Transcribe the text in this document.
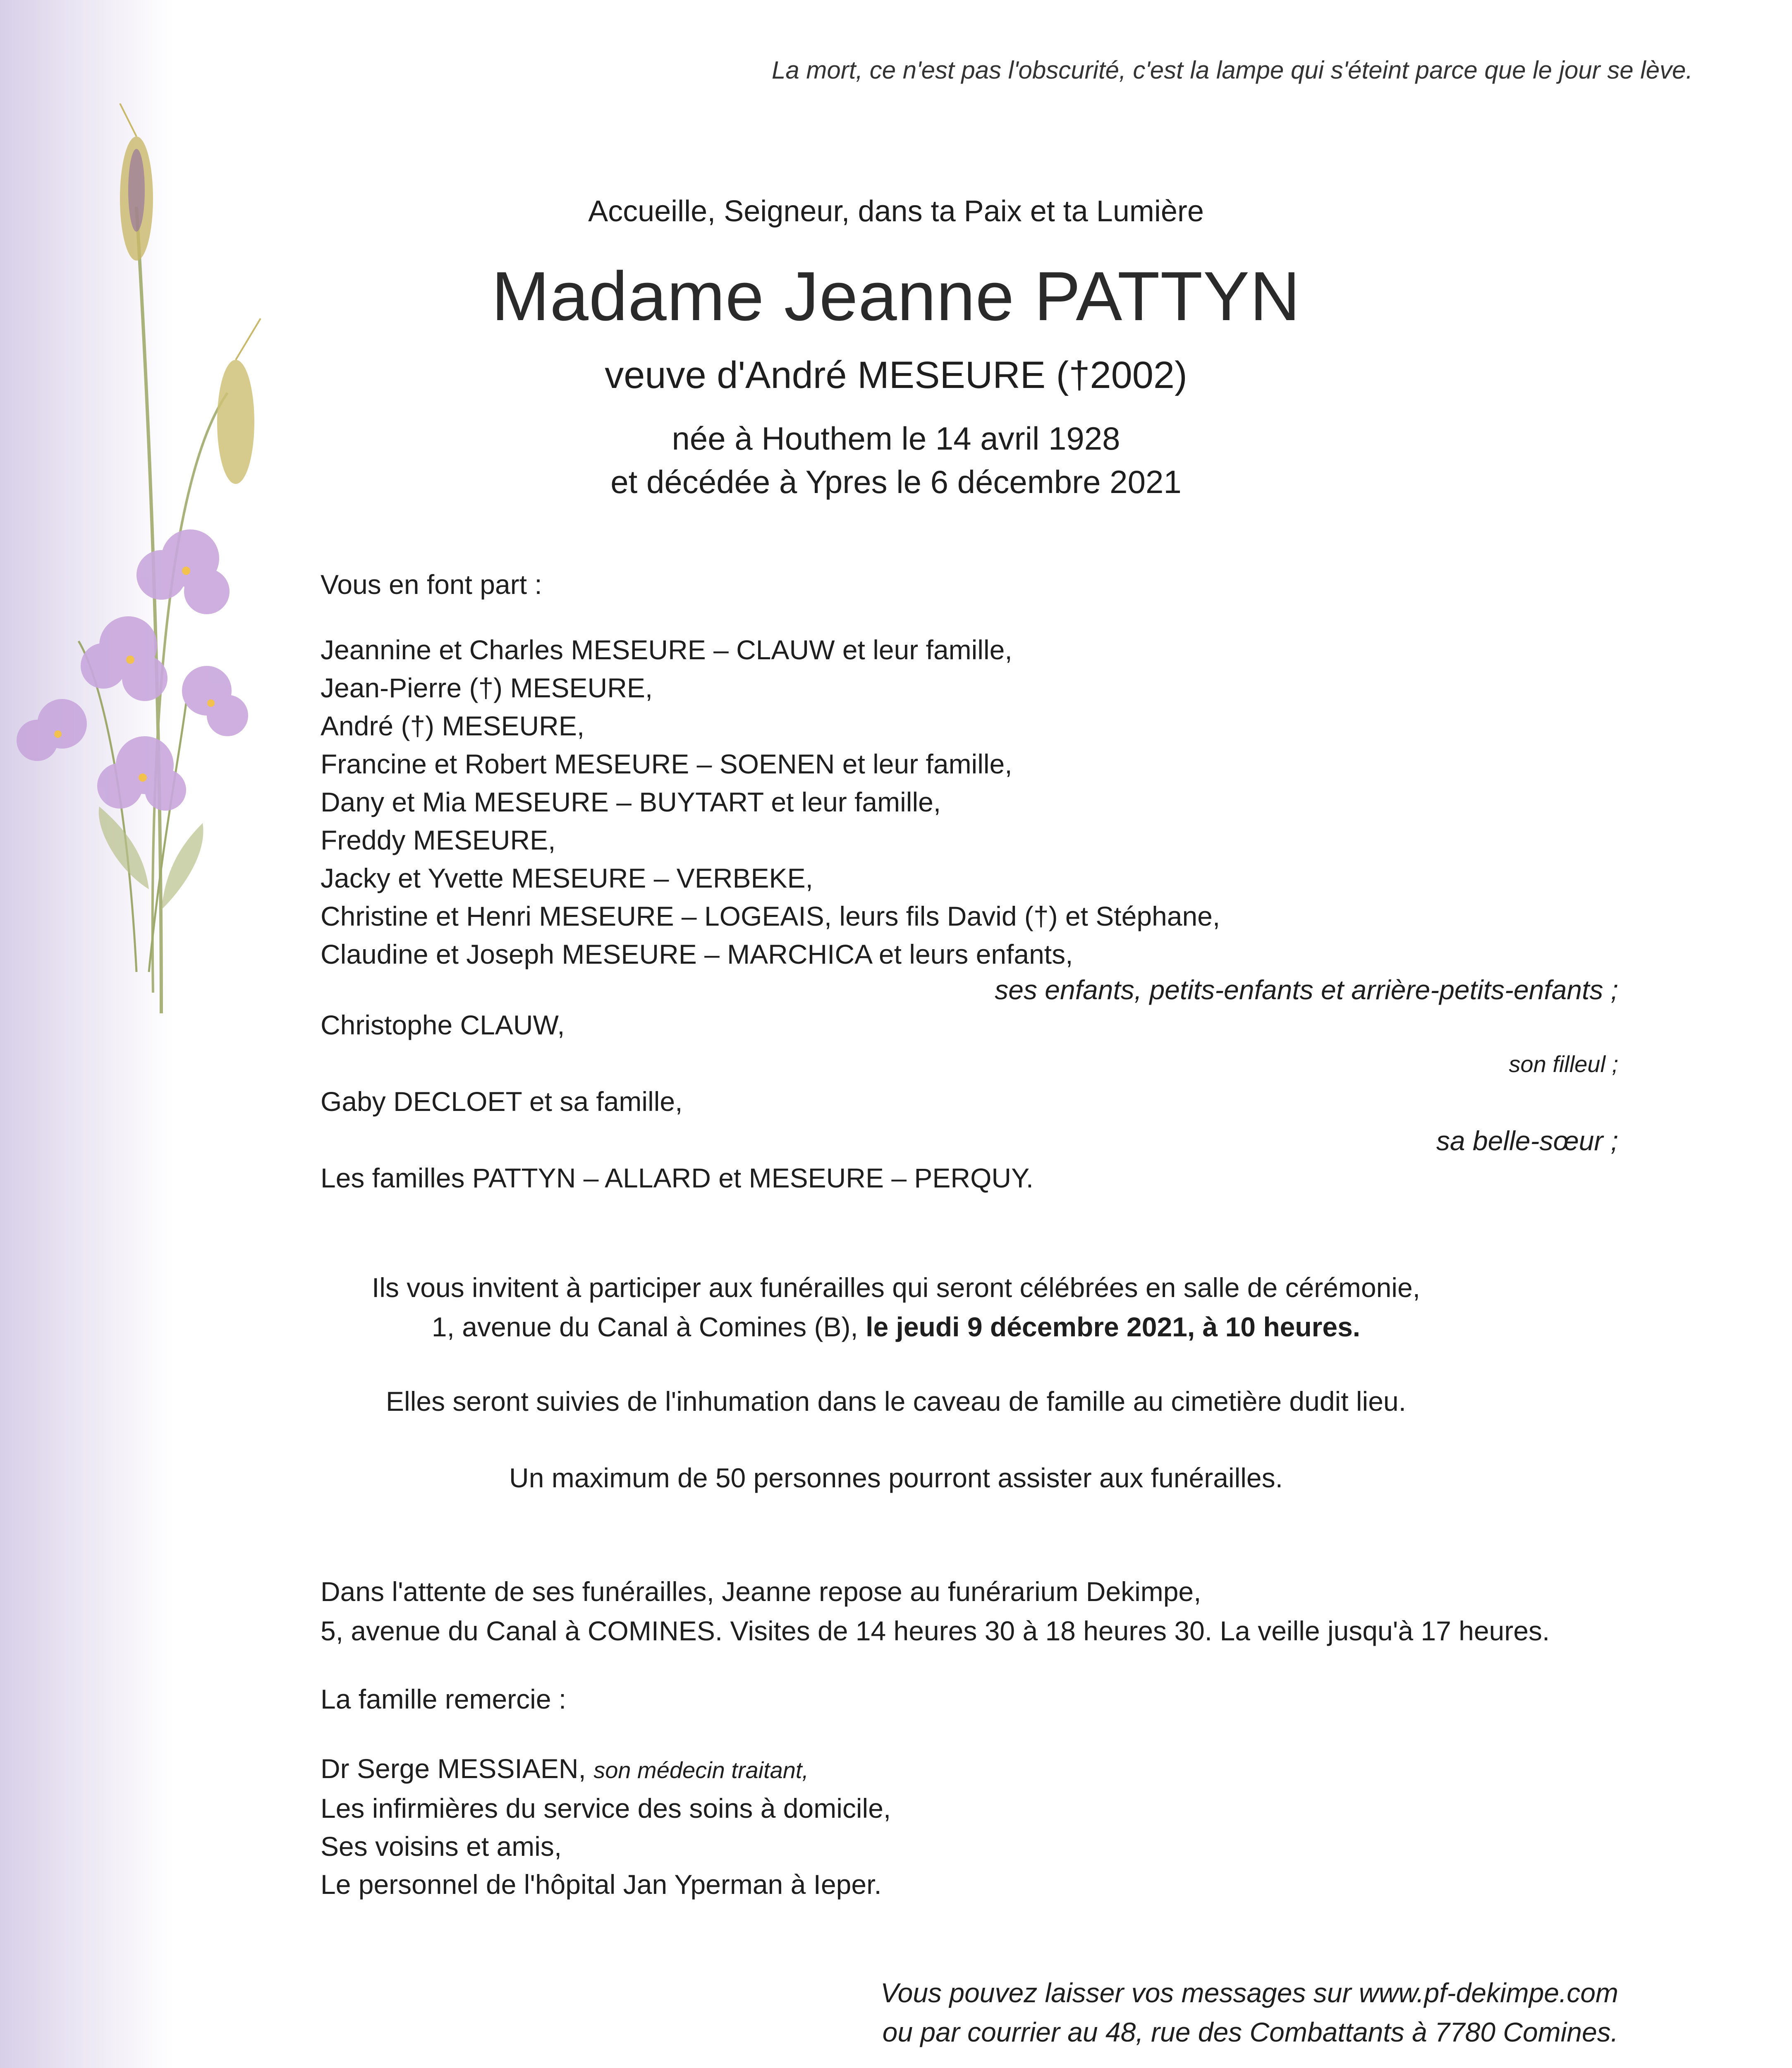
La mort, ce n'est pas l'obscurité, c'est la lampe qui s'éteint parce que le jour se lève.
Accueille, Seigneur, dans ta Paix et ta Lumière
Madame Jeanne PATTYN
veuve d'André MESEURE (†2002)
née à Houthem le 14 avril 1928
et décédée à Ypres le 6 décembre 2021
Vous en font part :
Jeannine et Charles MESEURE – CLAUW et leur famille,
Jean-Pierre (†) MESEURE,
André (†) MESEURE,
Francine et Robert MESEURE – SOENEN et leur famille,
Dany et Mia MESEURE – BUYTART et leur famille,
Freddy MESEURE,
Jacky et Yvette MESEURE – VERBEKE,
Christine et Henri MESEURE – LOGEAIS, leurs fils David (†) et Stéphane,
Claudine et Joseph MESEURE – MARCHICA et leurs enfants,
ses enfants, petits-enfants et arrière-petits-enfants ;
Christophe CLAUW,
son filleul ;
Gaby DECLOET et sa famille,
sa belle-sœur ;
Les familles PATTYN – ALLARD et MESEURE – PERQUY.
Ils vous invitent à participer aux funérailles qui seront célébrées en salle de cérémonie,
1, avenue du Canal à Comines (B), le jeudi 9 décembre 2021, à 10 heures.
Elles seront suivies de l'inhumation dans le caveau de famille au cimetière dudit lieu.
Un maximum de 50 personnes pourront assister aux funérailles.
Dans l'attente de ses funérailles, Jeanne repose au funérarium Dekimpe,
5, avenue du Canal à COMINES. Visites de 14 heures 30 à 18 heures 30. La veille jusqu'à 17 heures.
La famille remercie :
Dr Serge MESSIAEN, son médecin traitant,
Les infirmières du service des soins à domicile,
Ses voisins et amis,
Le personnel de l'hôpital Jan Yperman à Ieper.
Vous pouvez laisser vos messages sur www.pf-dekimpe.com
ou par courrier au 48, rue des Combattants à 7780 Comines.
